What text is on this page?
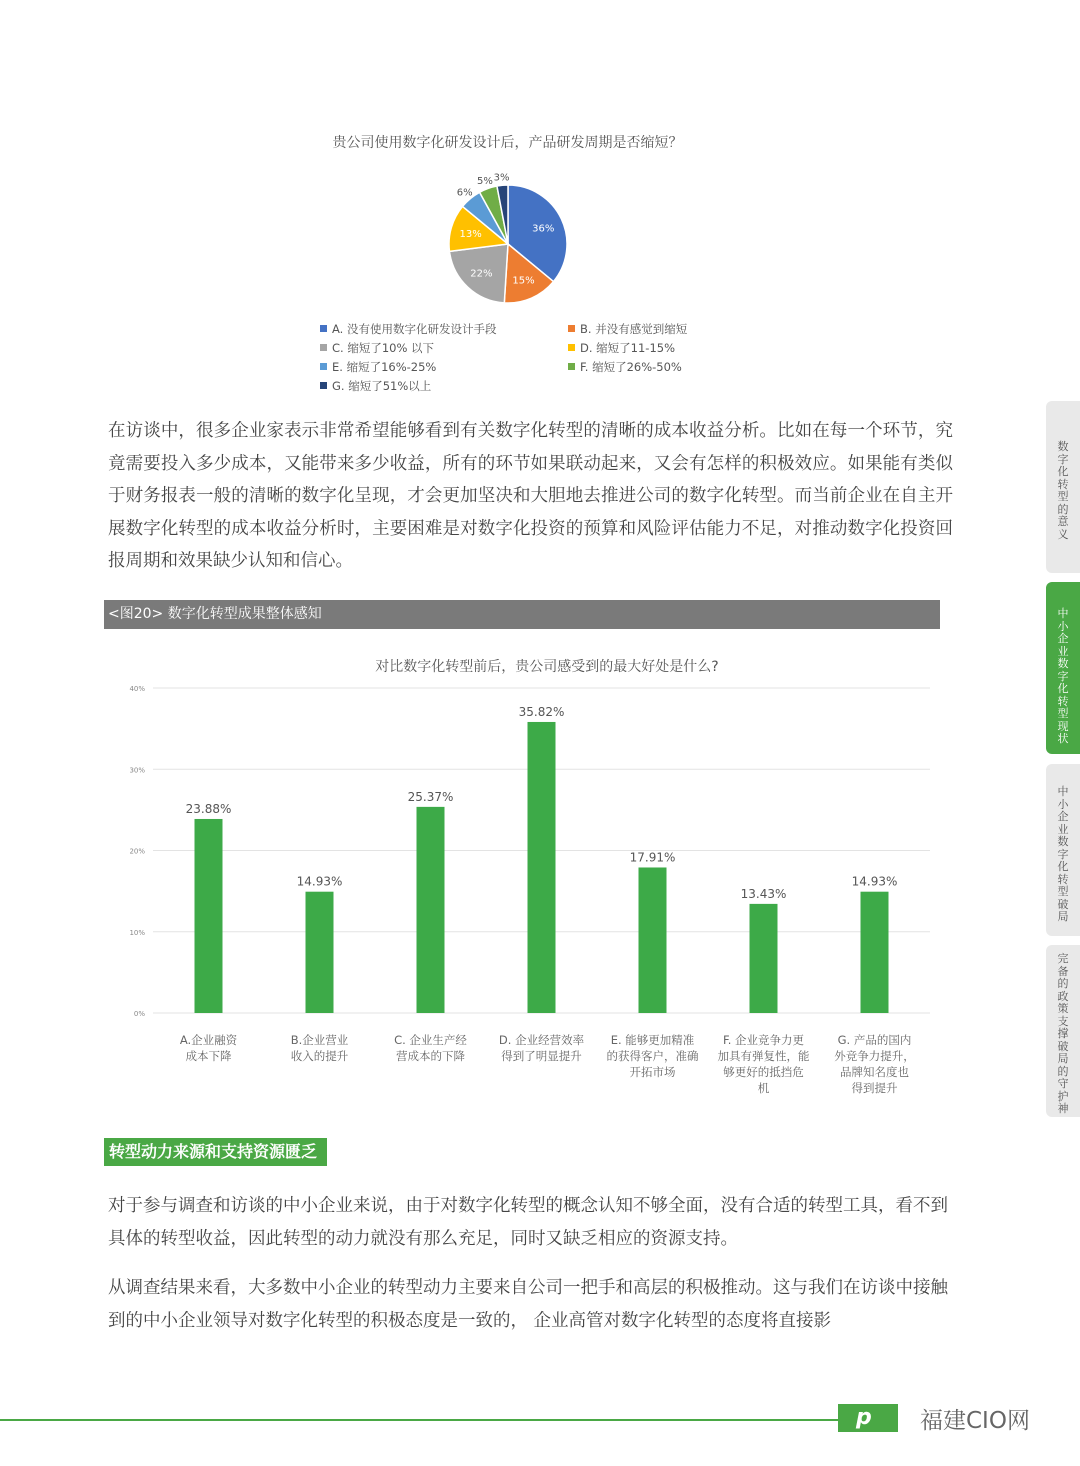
贵公司使用数字化研发设计后，产品研发周期是否缩短？
36%
15%
22%
13%
6%
5% 3%
A. 没有使用数字化研发设计手段	B. 并没有感觉到缩短
C. 缩短了10% 以下	D. 缩短了11-15%
E. 缩短了16%-25%	F. 缩短了26%-50%
G. 缩短了51%以上

在访谈中，很多企业家表示非常希望能够看到有关数字化转型的清晰的成本收益分析。比如在每一个环节，究竟需要投入多少成本，又能带来多少收益，所有的环节如果联动起来，又会有怎样的积极效应。如果能有类似于财务报表一般的清晰的数字化呈现，才会更加坚决和大胆地去推进公司的数字化转型。而当前企业在自主开展数字化转型的成本收益分析时，主要困难是对数字化投资的预算和风险评估能力不足，对推动数字化投资回报周期和效果缺少认知和信心。

<图20> 数字化转型成果整体感知
对比数字化转型前后，贵公司感受到的最大好处是什么?
0%
10%
20%
30%
40%
23.88%
14.93%
25.37%
35.82%
17.91%
13.43%
14.93%
A.企业融资
成本下降
B.企业营业
收入的提升
C. 企业生产经
营成本的下降
D. 企业经营效率
得到了明显提升
E. 能够更加精准
的获得客户，准确
开拓市场
F. 企业竞争力更
加具有弹复性，能
够更好的抵挡危
机
G. 产品的国内
外竞争力提升，
品牌知名度也
得到提升
转型动力来源和支持资源匮乏

对于参与调查和访谈的中小企业来说，由于对数字化转型的概念认知不够全面，没有合适的转型工具，看不到具体的转型收益，因此转型的动力就没有那么充足，同时又缺乏相应的资源支持。

从调查结果来看，大多数中小企业的转型动力主要来自公司一把手和高层的积极推动。这与我们在访谈中接触到的中小企业领导对数字化转型的积极态度是一致的， 企业高管对数字化转型的态度将直接影

数字化转型的意义
中小企业数字化转型现状
中小企业数字化转型破局
完备的政策支撑 破局的守护神
p	福建CIO网
